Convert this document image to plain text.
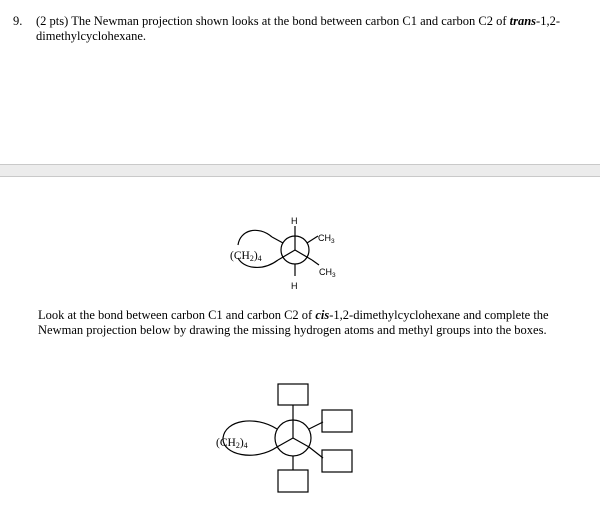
9. (2 pts) The Newman projection shown looks at the bond between carbon C1 and carbon C2 of trans-1,2-dimethylcyclohexane.

H
H
(CH2)4
$CH_3$
$CH_3$

Look at the bond between carbon C1 and carbon C2 of cis-1,2-dimethylcyclohexane and complete the Newman projection below by drawing the missing hydrogen atoms and methyl groups into the boxes.

(CH2)4
